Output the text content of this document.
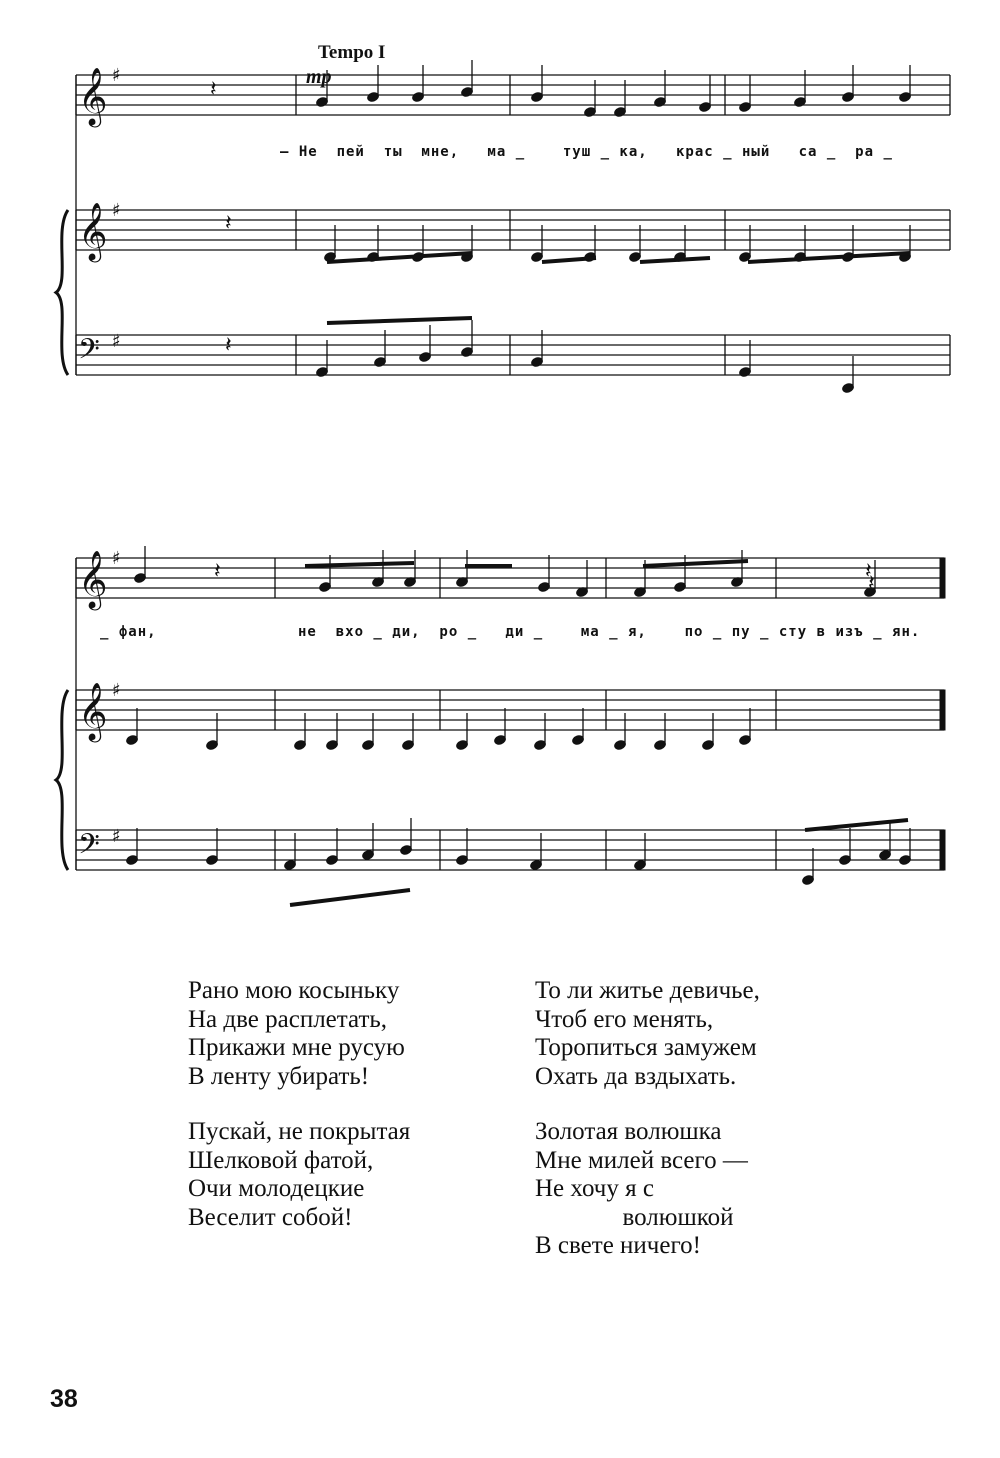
𝄽
𝄽
𝄽
𝄽	𝄽
𝄽
𝄞 ♯
𝄞 ♯
𝄢 ♯
𝄞 ♯
𝄞 ♯
𝄢 ♯
Tempo I
mp
— Не  пей  ты  мне,   ма _    туш _ ка,   крас _ ный   са _  ра _
_ фан,               не  вхо _ ди,  ро _   ди _    ма _ я,    по _ пу _ сту в изъ _ ян.
Рано мою косыньку
На две расплетать,
Прикажи мне русую
В ленту убирать!
Пускай, не покрытая
Шелковой фатой,
Очи молодецкие
Веселит собой!
То ли житье девичье,
Чтоб его менять,
Торопиться замужем
Охать да вздыхать.
Золотая волюшка
Мне милей всего —
Не хочу я с
волюшкой
В свете ничего!
38
